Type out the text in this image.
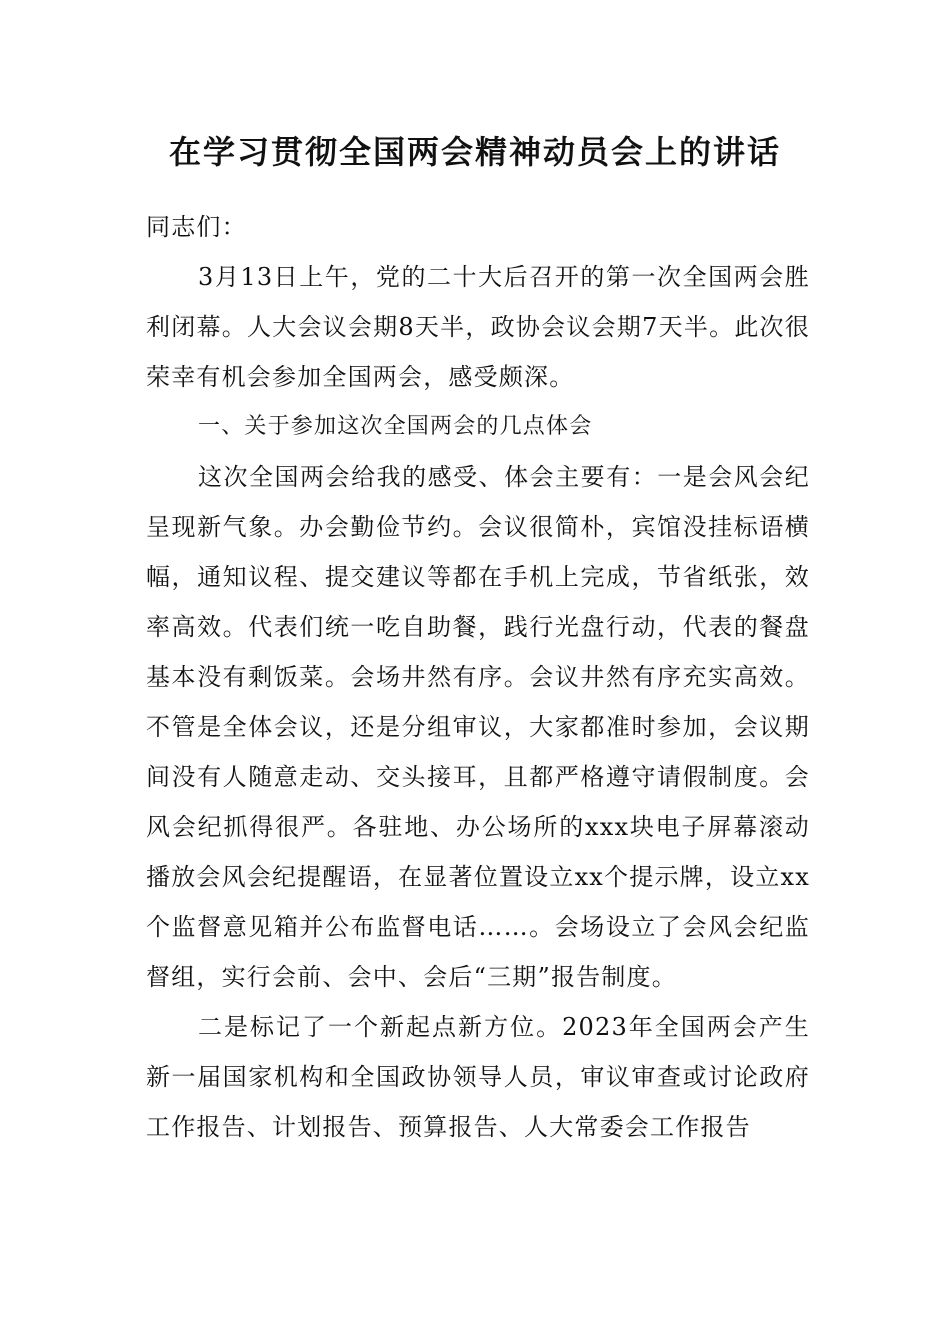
在学习贯彻全国两会精神动员会上的讲话

同志们：

3月13日上午，党的二十大后召开的第一次全国两会胜利闭幕。人大会议会期8天半，政协会议会期7天半。此次很荣幸有机会参加全国两会，感受颇深。

一、关于参加这次全国两会的几点体会

这次全国两会给我的感受、体会主要有：一是会风会纪呈现新气象。办会勤俭节约。会议很简朴，宾馆没挂标语横幅，通知议程、提交建议等都在手机上完成，节省纸张，效率高效。代表们统一吃自助餐，践行光盘行动，代表的餐盘基本没有剩饭菜。会场井然有序。会议井然有序充实高效。不管是全体会议，还是分组审议，大家都准时参加，会议期间没有人随意走动、交头接耳，且都严格遵守请假制度。会风会纪抓得很严。各驻地、办公场所的xxx块电子屏幕滚动播放会风会纪提醒语，在显著位置设立xx个提示牌，设立xx个监督意见箱并公布监督电话……。会场设立了会风会纪监督组，实行会前、会中、会后“三期”报告制度。

二是标记了一个新起点新方位。2023年全国两会产生新一届国家机构和全国政协领导人员，审议审查或讨论政府工作报告、计划报告、预算报告、人大常委会工作报告
